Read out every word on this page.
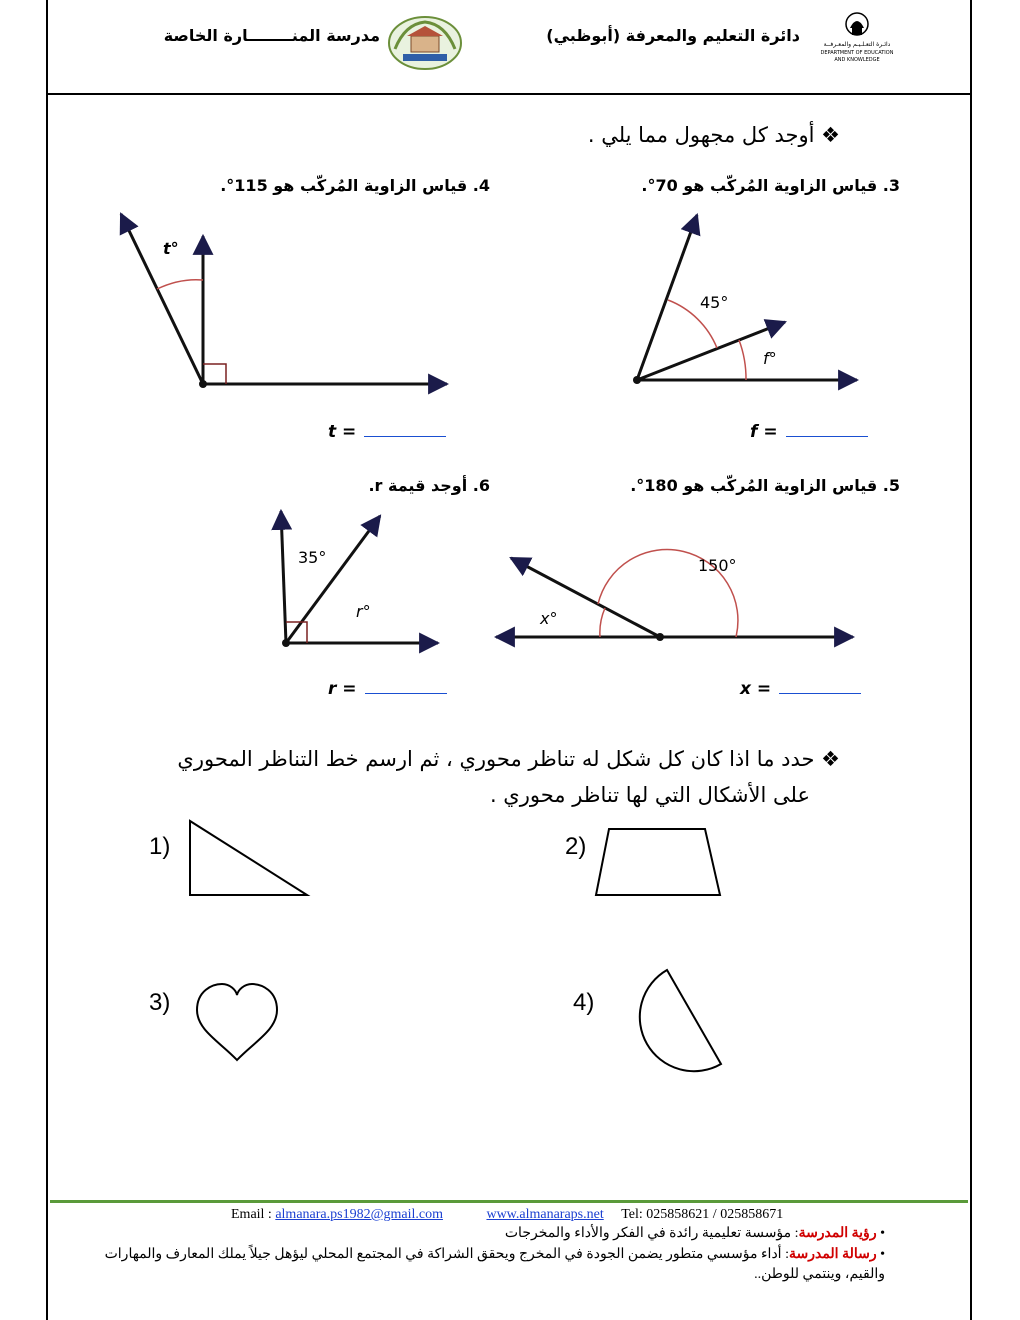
دائرة التعليم والمعرفة (أبوظبي)	دائـرة التعـلـيـم والمعـرفــة
DEPARTMENT OF EDUCATION
AND KNOWLEDGE
مدرسة المنــــــــارة الخاصة
❖ أوجد كل مجهول مما يلي .
3. قياس الزاوية المُركّب هو 70°.
4. قياس الزاوية المُركّب هو 115°.
5. قياس الزاوية المُركّب هو 180°.
6. أوجد قيمة r.
t°
45°
f°
35°
r°
150°
x°
t =	f =
r =	x =
❖ حدد ما اذا كان كل شكل له تناظر محوري ، ثم ارسم خط التناظر المحوري
على الأشكال التي لها تناظر محوري .
1)	2)
3)	4)
Email : almanara.ps1982@gmail.com	www.almanaraps.net Tel: 025858621 / 025858671
• رؤية المدرسة: مؤسسة تعليمية رائدة في الفكر والأداء والمخرجات
• رسالة المدرسة: أداء مؤسسي متطور يضمن الجودة في المخرج ويحقق الشراكة في المجتمع المحلي ليؤهل جيلاً يملك المعارف والمهارات
والقيم، وينتمي للوطن..
